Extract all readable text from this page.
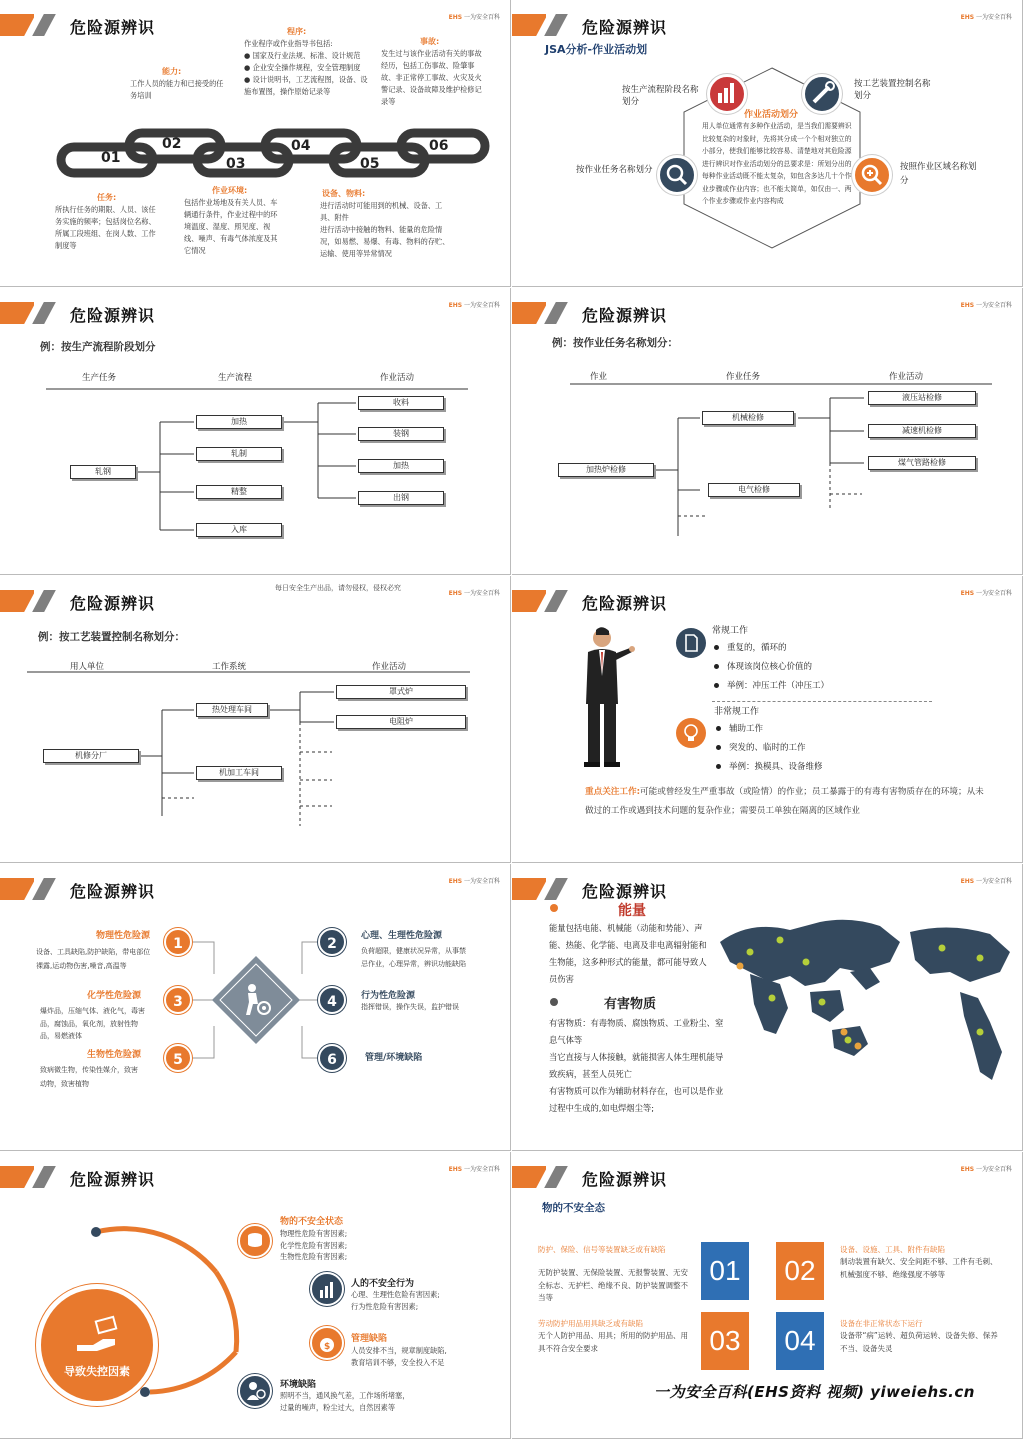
危险源辨识
EHS 一为安全百科
01
02
03
04
05
06
能力:
工作人员的能力和已接受的任务培训
程序:
作业程序或作业指导书包括:
● 国家及行业法规、标准、设计规范
● 企业安全操作规程，安全管理制度
● 设计说明书，工艺流程图，设备、设施布置图，操作原始记录等
事故:
发生过与该作业活动有关的事故经历，包括工伤事故、险肇事故、非正常停工事故、火灾及火警记录、设备故障及维护检修记录等
任务:
所执行任务的期限、人员、该任务实施的频率；包括岗位名称、所属工段班组、在岗人数、工作制度等
作业环境:
包括作业场地及有关人员、车辆通行条件，作业过程中的环境温度、湿度、照见度、视线、噪声、有毒气体浓度及其它情况
设备、物料:
进行活动时可能用到的机械、设备、工具、附件
进行活动中接触的物料、能量的危险情况，如易燃、易爆、有毒、物料的存贮、运输、使用等异常情况
危险源辨识
EHS 一为安全百科
JSA分析-作业活动划
按生产流程阶段名称划分
按工艺装置控制名称划分
按作业任务名称划分	按照作业区域名称划分
作业活动划分
用人单位通常有多种作业活动，是当我们需要辨识比较复杂的对象时，先将其分成一个个相对独立的小部分，使我们能够比较容易、清楚地对其危险源进行辨识对作业活动划分的总要求是：所划分出的每种作业活动既不能太复杂，如包含多达几十个作业步骤或作业内容；也不能太简单，如仅由一、两个作业步骤或作业内容构成
危险源辨识
EHS 一为安全百科
例：按生产流程阶段划分
生产任务	生产流程	作业活动
轧钢
加热
轧制
精整
入库
收料
装钢
加热
出钢
危险源辨识
EHS 一为安全百科
例：按作业任务名称划分：
作业	作业任务	作业活动
加热炉检修
机械检修
电气检修
液压站检修
减速机检修
煤气管路检修
危险源辨识
EHS 一为安全百科
每日安全生产出品，请勿侵权，侵权必究
例：按工艺装置控制名称划分：
用人单位	工作系统	作业活动
机修分厂
热处理车间
机加工车间
罩式炉
电阻炉
危险源辨识
EHS 一为安全百科
常规工作
重复的，循环的
体现该岗位核心价值的
举例：冲压工件（冲压工）
非常规工作
辅助工作
突发的、临时的工作
举例：换模具、设备维修
重点关注工作:可能或曾经发生严重事故（或险情）的作业；员工暴露于的有毒有害物质存在的环境；从未做过的工作或遇到技术问题的复杂作业；需要员工单独在隔离的区域作业
危险源辨识
EHS 一为安全百科
1
3
5
2
4
6
物理性危险源
设备、工具缺陷,防护缺陷，带电部位裸露,运动物伤害,噪音,高温等
化学性危险源
爆炸品，压缩气体、液化气，毒害品，腐蚀品，氧化剂，放射性物品，易燃液体
生物性危险源
致病微生物，传染性媒介，致害动物，致害植物
心理、生理性危险源
负荷超限，健康状况异常，从事禁忌作业，心理异常，辨识功能缺陷
行为性危险源
指挥错误，操作失误，监护错误
管理/环境缺陷
危险源辨识
EHS 一为安全百科
能量
能量包括电能、机械能（动能和势能）、声能、热能、化学能、电离及非电离辐射能和生物能，这多种形式的能量，都可能导致人员伤害
有害物质
有害物质：有毒物质、腐蚀物质、工业粉尘、窒息气体等
当它直接与人体接触，就能损害人体生理机能导致疾病，甚至人员死亡
有害物质可以作为辅助材料存在，也可以是作业过程中生成的,如电焊烟尘等;
危险源辨识
EHS 一为安全百科
导致失控因素
$
物的不安全状态
物理性危险有害因素;
化学性危险有害因素;
生物性危险有害因素;
人的不安全行为
心理、生理性危险有害因素;
行为性危险有害因素;
管理缺陷
人员安排不当，规章制度缺陷,
教育培训不够，安全投入不足
环境缺陷
照明不当，通风换气差，工作场所堵塞，
过量的噪声，粉尘过大，自然因素等
危险源辨识
EHS 一为安全百科
物的不安全态
01	02
03	04
防护、保险、信号等装置缺乏或有缺陷
无防护装置、无保险装置、无报警装置、无安全标志、无护栏、绝缘不良、防护装置调整不当等
设备、设施、工具、附件有缺陷
制动装置有缺欠、安全间距不够、工件有毛刺、机械强度不够、绝缘强度不够等
劳动防护用品用具缺乏或有缺陷
无个人防护用品、用具；所用的防护用品、用具不符合安全要求
设备在非正常状态下运行
设备带“病”运转、超负荷运转、设备失修、保养不当、设备失灵
一为安全百科(EHS资料 视频) yiweiehs.cn
